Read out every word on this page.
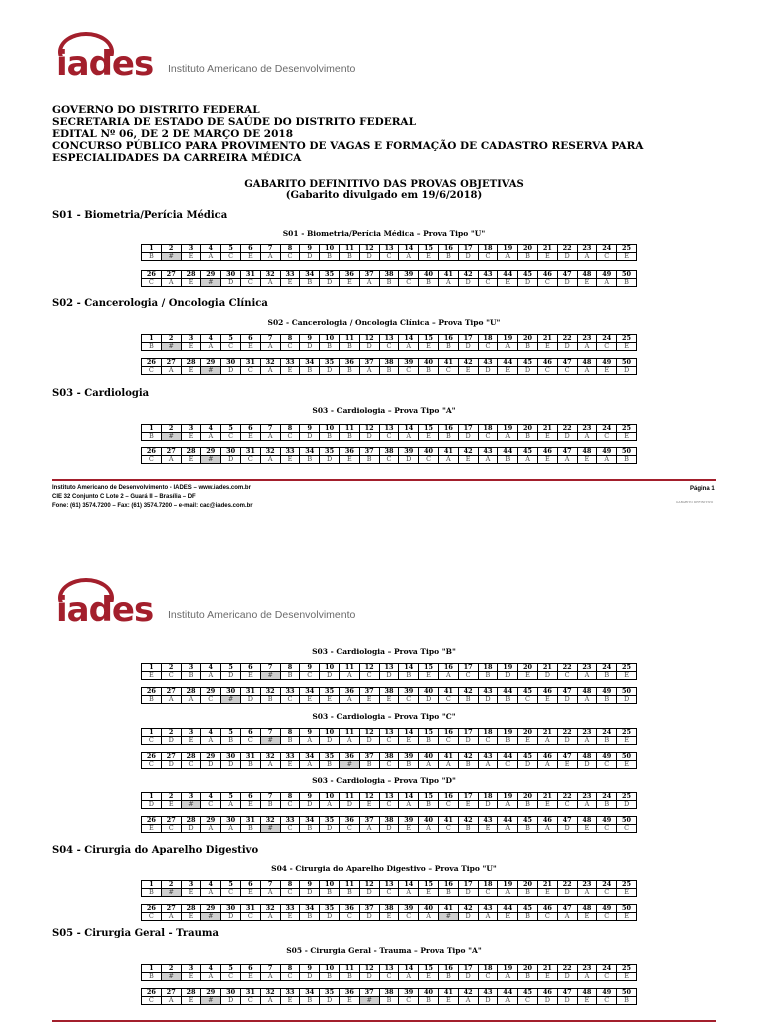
iades Instituto Americano de Desenvolvimento
GOVERNO DO DISTRITO FEDERAL
SECRETARIA DE ESTADO DE SAÚDE DO DISTRITO FEDERAL
EDITAL Nº 06, DE 2 DE MARÇO DE 2018
CONCURSO PÚBLICO PARA PROVIMENTO DE VAGAS E FORMAÇÃO DE CADASTRO RESERVA PARA ESPECIALIDADES DA CARREIRA MÉDICA
GABARITO DEFINITIVO DAS PROVAS OBJETIVAS
(Gabarito divulgado em 19/6/2018)
S01 - Biometria/Perícia Médica
S01 - Biometria/Perícia Médica – Prova Tipo "U"
1	2	3	4	5	6	7	8	9	10	11	12	13	14	15	16	17	18	19	20	21	22	23	24	25
B	#	E	A	C	E	A	C	D	B	B	D	C	A	E	B	D	C	A	B	E	D	A	C	E
26	27	28	29	30	31	32	33	34	35	36	37	38	39	40	41	42	43	44	45	46	47	48	49	50
C	A	E	#	D	C	A	E	B	D	E	A	B	C	B	A	D	C	E	D	C	D	E	A	B
S02 - Cancerologia / Oncologia Clínica
S02 - Cancerologia / Oncologia Clínica – Prova Tipo "U"
1	2	3	4	5	6	7	8	9	10	11	12	13	14	15	16	17	18	19	20	21	22	23	24	25
B	#	E	A	C	E	A	C	D	B	B	D	C	A	E	B	D	C	A	B	E	D	A	C	E
26	27	28	29	30	31	32	33	34	35	36	37	38	39	40	41	42	43	44	45	46	47	48	49	50
C	A	E	#	D	C	A	E	B	D	B	A	B	C	B	C	E	D	E	D	C	C	A	E	D
S03 - Cardiologia
S03 - Cardiologia – Prova Tipo "A"
1	2	3	4	5	6	7	8	9	10	11	12	13	14	15	16	17	18	19	20	21	22	23	24	25
B	#	E	A	C	E	A	C	D	B	B	D	C	A	E	B	D	C	A	B	E	D	A	C	E
26	27	28	29	30	31	32	33	34	35	36	37	38	39	40	41	42	43	44	45	46	47	48	49	50
C	A	E	#	D	C	A	E	B	D	E	B	C	D	C	A	E	A	B	A	E	A	E	A	B
Instituto Americano de Desenvolvimento - IADES – www.iades.com.br
CIE 32 Conjunto C Lote 2 – Guará II – Brasília – DF
Fone: (61) 3574.7200 – Fax: (61) 3574.7200 – e-mail: cac@iades.com.br
Página 1
GABARITO DEFINITIVO
iades Instituto Americano de Desenvolvimento
S03 - Cardiologia – Prova Tipo "B"
1	2	3	4	5	6	7	8	9	10	11	12	13	14	15	16	17	18	19	20	21	22	23	24	25
E	C	B	A	D	E	#	B	C	D	A	C	D	B	E	A	C	B	D	E	D	C	A	B	E
26	27	28	29	30	31	32	33	34	35	36	37	38	39	40	41	42	43	44	45	46	47	48	49	50
B	A	A	C	#	D	B	C	E	E	A	E	E	C	D	C	B	D	B	C	E	D	A	B	D
S03 - Cardiologia – Prova Tipo "C"
1	2	3	4	5	6	7	8	9	10	11	12	13	14	15	16	17	18	19	20	21	22	23	24	25
C	D	E	A	B	C	#	B	A	D	A	D	C	E	B	C	D	C	B	E	A	D	A	B	E
26	27	28	29	30	31	32	33	34	35	36	37	38	39	40	41	42	43	44	45	46	47	48	49	50
C	D	C	D	D	B	A	E	A	B	#	B	C	B	A	A	B	A	C	D	A	E	D	C	E
S03 - Cardiologia – Prova Tipo "D"
1	2	3	4	5	6	7	8	9	10	11	12	13	14	15	16	17	18	19	20	21	22	23	24	25
D	E	#	C	A	E	B	C	D	A	D	E	C	A	B	C	E	D	A	B	E	C	A	B	D
26	27	28	29	30	31	32	33	34	35	36	37	38	39	40	41	42	43	44	45	46	47	48	49	50
E	C	D	A	A	B	#	C	B	D	C	A	D	E	A	C	B	E	A	B	A	D	E	C	C
S04 - Cirurgia do Aparelho Digestivo
S04 - Cirurgia do Aparelho Digestivo – Prova Tipo "U"
1	2	3	4	5	6	7	8	9	10	11	12	13	14	15	16	17	18	19	20	21	22	23	24	25
B	#	E	A	C	E	A	C	D	B	B	D	C	A	E	B	D	C	A	B	E	D	A	C	E
26	27	28	29	30	31	32	33	34	35	36	37	38	39	40	41	42	43	44	45	46	47	48	49	50
C	A	E	#	D	C	A	E	B	D	C	D	E	C	A	#	D	A	E	B	C	A	E	C	E
S05 - Cirurgia Geral - Trauma
S05 - Cirurgia Geral - Trauma – Prova Tipo "A"
1	2	3	4	5	6	7	8	9	10	11	12	13	14	15	16	17	18	19	20	21	22	23	24	25
B	#	E	A	C	E	A	C	D	B	B	D	C	A	E	B	D	C	A	B	E	D	A	C	E
26	27	28	29	30	31	32	33	34	35	36	37	38	39	40	41	42	43	44	45	46	47	48	49	50
C	A	E	#	D	C	A	E	B	D	E	#	B	C	B	E	A	D	A	C	D	D	E	C	B
